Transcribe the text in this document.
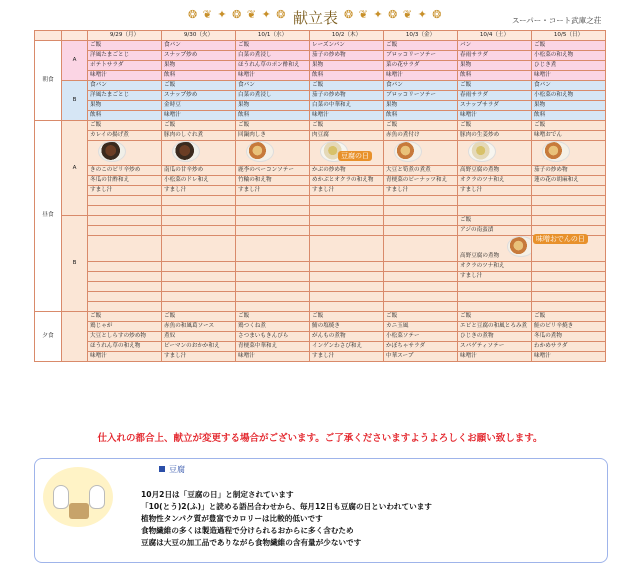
❂ ❦ ✦ ❂ ❦ ✦ ❂ 献立表 ❂ ❦ ✦ ❂ ❦ ✦ ❂	スーパー・コート武庫之荘
		9/29（月）	9/30（火）	10/1（水）	10/2（木）	10/3（金）	10/4（土）	10/5（日）
朝食	A	ご飯	食パン	ご飯	レーズンパン	ご飯	パン	ご飯
		洋風たまごとじ	スナップ炒め	白菜の煮浸し	茄子の炒め物	ブロッコリーソテー	春雨サラダ	小松菜の和え物
		ポテトサラダ	果物	ほうれん草のポン酢和え	果物	菜の花サラダ	果物	ひじき煮
		味噌汁	飲料	味噌汁	飲料	味噌汁	飲料	味噌汁
	B	食パン	ご飯	食パン	ご飯	食パン	ご飯	食パン
		洋風たまごとじ	スナップ炒め	白菜の煮浸し	茄子の炒め物	ブロッコリーソテー	春雨サラダ	小松菜の和え物
		果物	金時豆	果物	白菜の中華和え	果物	スナップサラダ	果物
		飲料	味噌汁	飲料	味噌汁	飲料	味噌汁	飲料
昼食	A	ご飯	ご飯	ご飯	ご飯	ご飯	ご飯	ご飯
		カレイの揚げ煮	豚肉のしぐれ煮	回鍋肉しき	肉豆腐	赤魚の煮付け	豚肉の生姜炒め	味噌おでん

		きのこのピリ辛炒め	南瓜の甘辛炒め	鹿李のベーコンソテー	かぶの炒め物	大豆と筍煮の煮煮	高野豆腐の煮物	茄子の炒め物
		冬瓜の甘酢和え	小松菜のドレ和え	竹輪の和え物	めかぶとオクラの和え物	青梗菜のピーナッツ和え	オクラのツナ和え	蓮の花の胡麻和え
		すまし汁	すまし汁	すまし汁	すまし汁	すまし汁	すまし汁	

	B						ご飯	
							アジの南蛮漬	
							高野豆腐の煮物	
							オクラのツナ和え	
							すまし汁	

夕食		ご飯	ご飯	ご飯	ご飯	ご飯	ご飯	ご飯
		鶏じゃが	赤魚の和風葛ソース	鶏つくね煮	鯖の塩焼き	カニ玉風	エビと豆腐の和風とろみ煮	鮭のピリ辛焼き
		大豆としらすの炒め物	煮奴	さつまいもきんぴら	がんもの煮物	小松菜ソテー	ひじきの煮物	冬瓜の煮物
		ほうれん草の和え物	ピーマンのおかか和え	青梗菜中華和え	インゲンわさび和え	かぼちゃサラダ	スパゲティソテー	わかめサラダ
		味噌汁	すまし汁	味噌汁	すまし汁	中華スープ	味噌汁	味噌汁
豆腐の日
味噌おでんの日
仕入れの都合上、献立が変更する場合がございます。ご了承くださいますようよろしくお願い致します。
豆腐
10月2日は「豆腐の日」と制定されています
「10(とう)2(ふ)」と読める語呂合わせから、毎月12日も豆腐の日といわれています
植物性タンパク質が豊富でカロリーは比較的低いです
食物繊維の多くは製造過程で分けられるおからに多く含むため
豆腐は大豆の加工品でありながら食物繊維の含有量が少ないです
